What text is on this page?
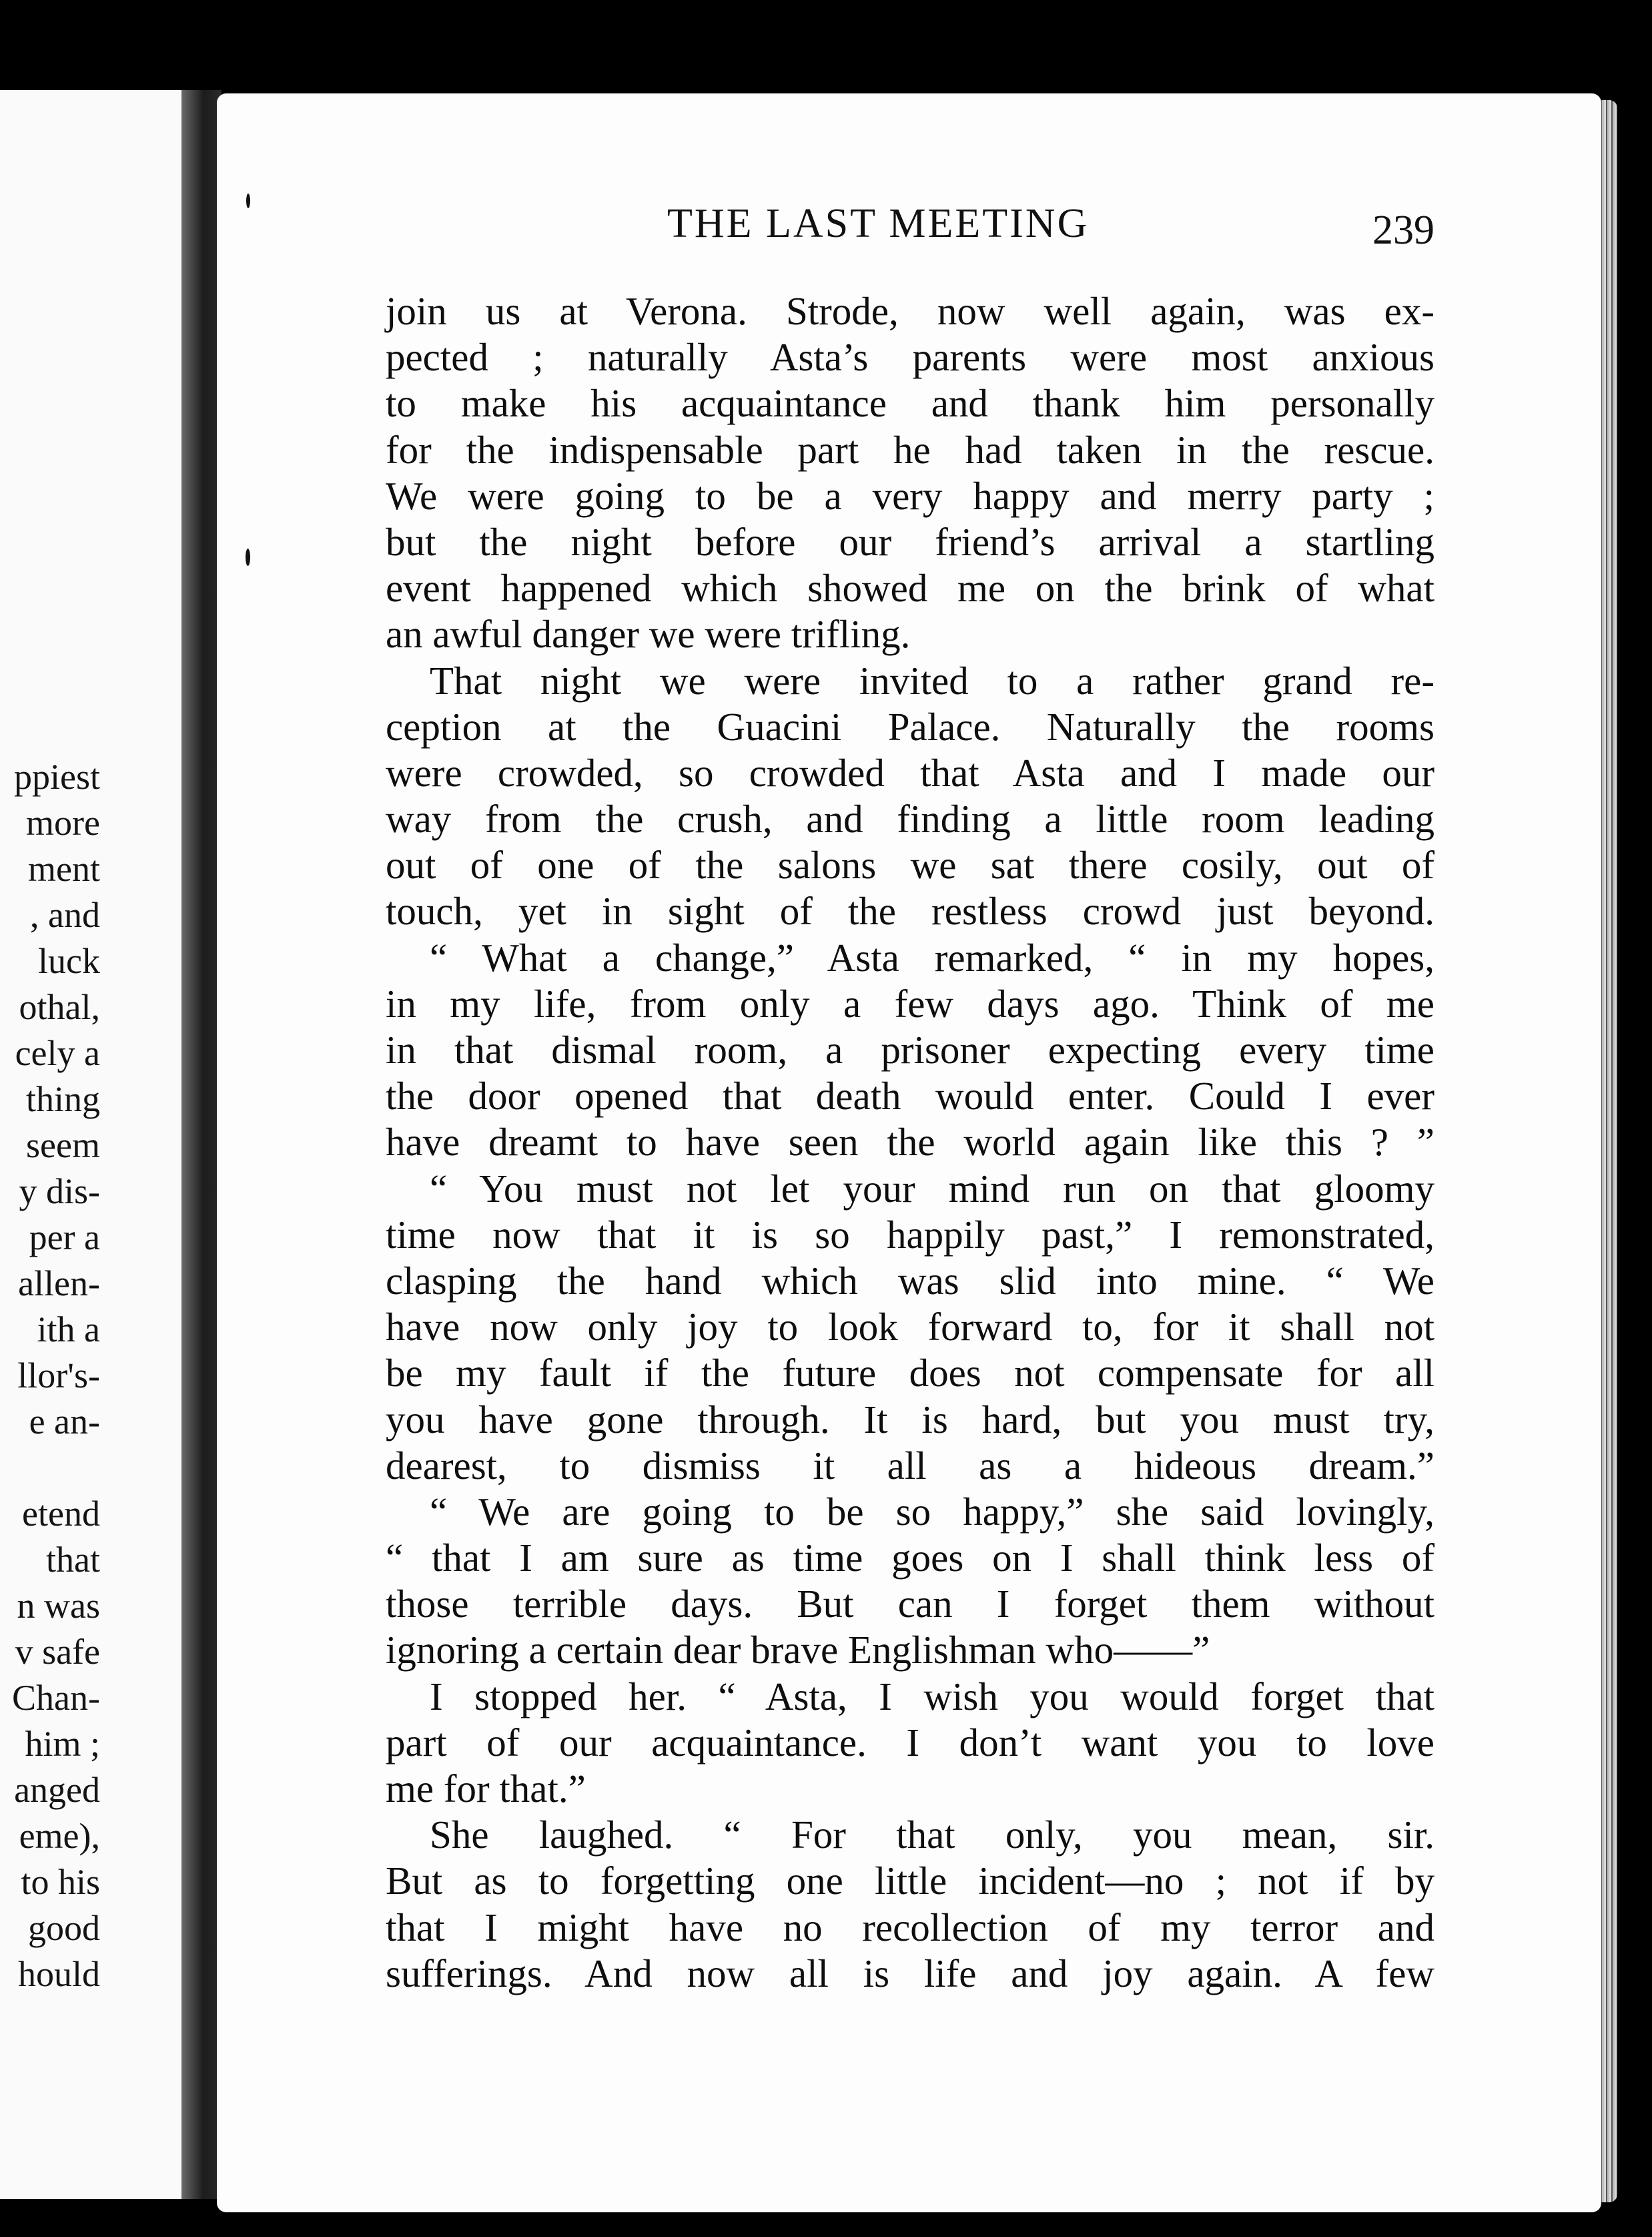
ppiest
more
ment
, and
luck
othal,
cely a
thing
seem
y dis-
per a
allen-
ith a
llor's-
e an-
etend
that
n was
v safe
Chan-
him ;
anged
eme),
to his
good
hould
THE LAST MEETING	239
join us at Verona. Strode, now well again, was ex-
pected ; naturally Asta’s parents were most anxious
to make his acquaintance and thank him personally
for the indispensable part he had taken in the rescue.
We were going to be a very happy and merry party ;
but the night before our friend’s arrival a startling
event happened which showed me on the brink of what
an awful danger we were trifling.
That night we were invited to a rather grand re-
ception at the Guacini Palace. Naturally the rooms
were crowded, so crowded that Asta and I made our
way from the crush, and finding a little room leading
out of one of the salons we sat there cosily, out of
touch, yet in sight of the restless crowd just beyond.
“ What a change,” Asta remarked, “ in my hopes,
in my life, from only a few days ago. Think of me
in that dismal room, a prisoner expecting every time
the door opened that death would enter. Could I ever
have dreamt to have seen the world again like this ? ”
“ You must not let your mind run on that gloomy
time now that it is so happily past,” I remonstrated,
clasping the hand which was slid into mine. “ We
have now only joy to look forward to, for it shall not
be my fault if the future does not compensate for all
you have gone through. It is hard, but you must try,
dearest, to dismiss it all as a hideous dream.”
“ We are going to be so happy,” she said lovingly,
“ that I am sure as time goes on I shall think less of
those terrible days. But can I forget them without
ignoring a certain dear brave Englishman who——”
I stopped her. “ Asta, I wish you would forget that
part of our acquaintance. I don’t want you to love
me for that.”
She laughed. “ For that only, you mean, sir.
But as to forgetting one little incident—no ; not if by
that I might have no recollection of my terror and
sufferings. And now all is life and joy again. A few
